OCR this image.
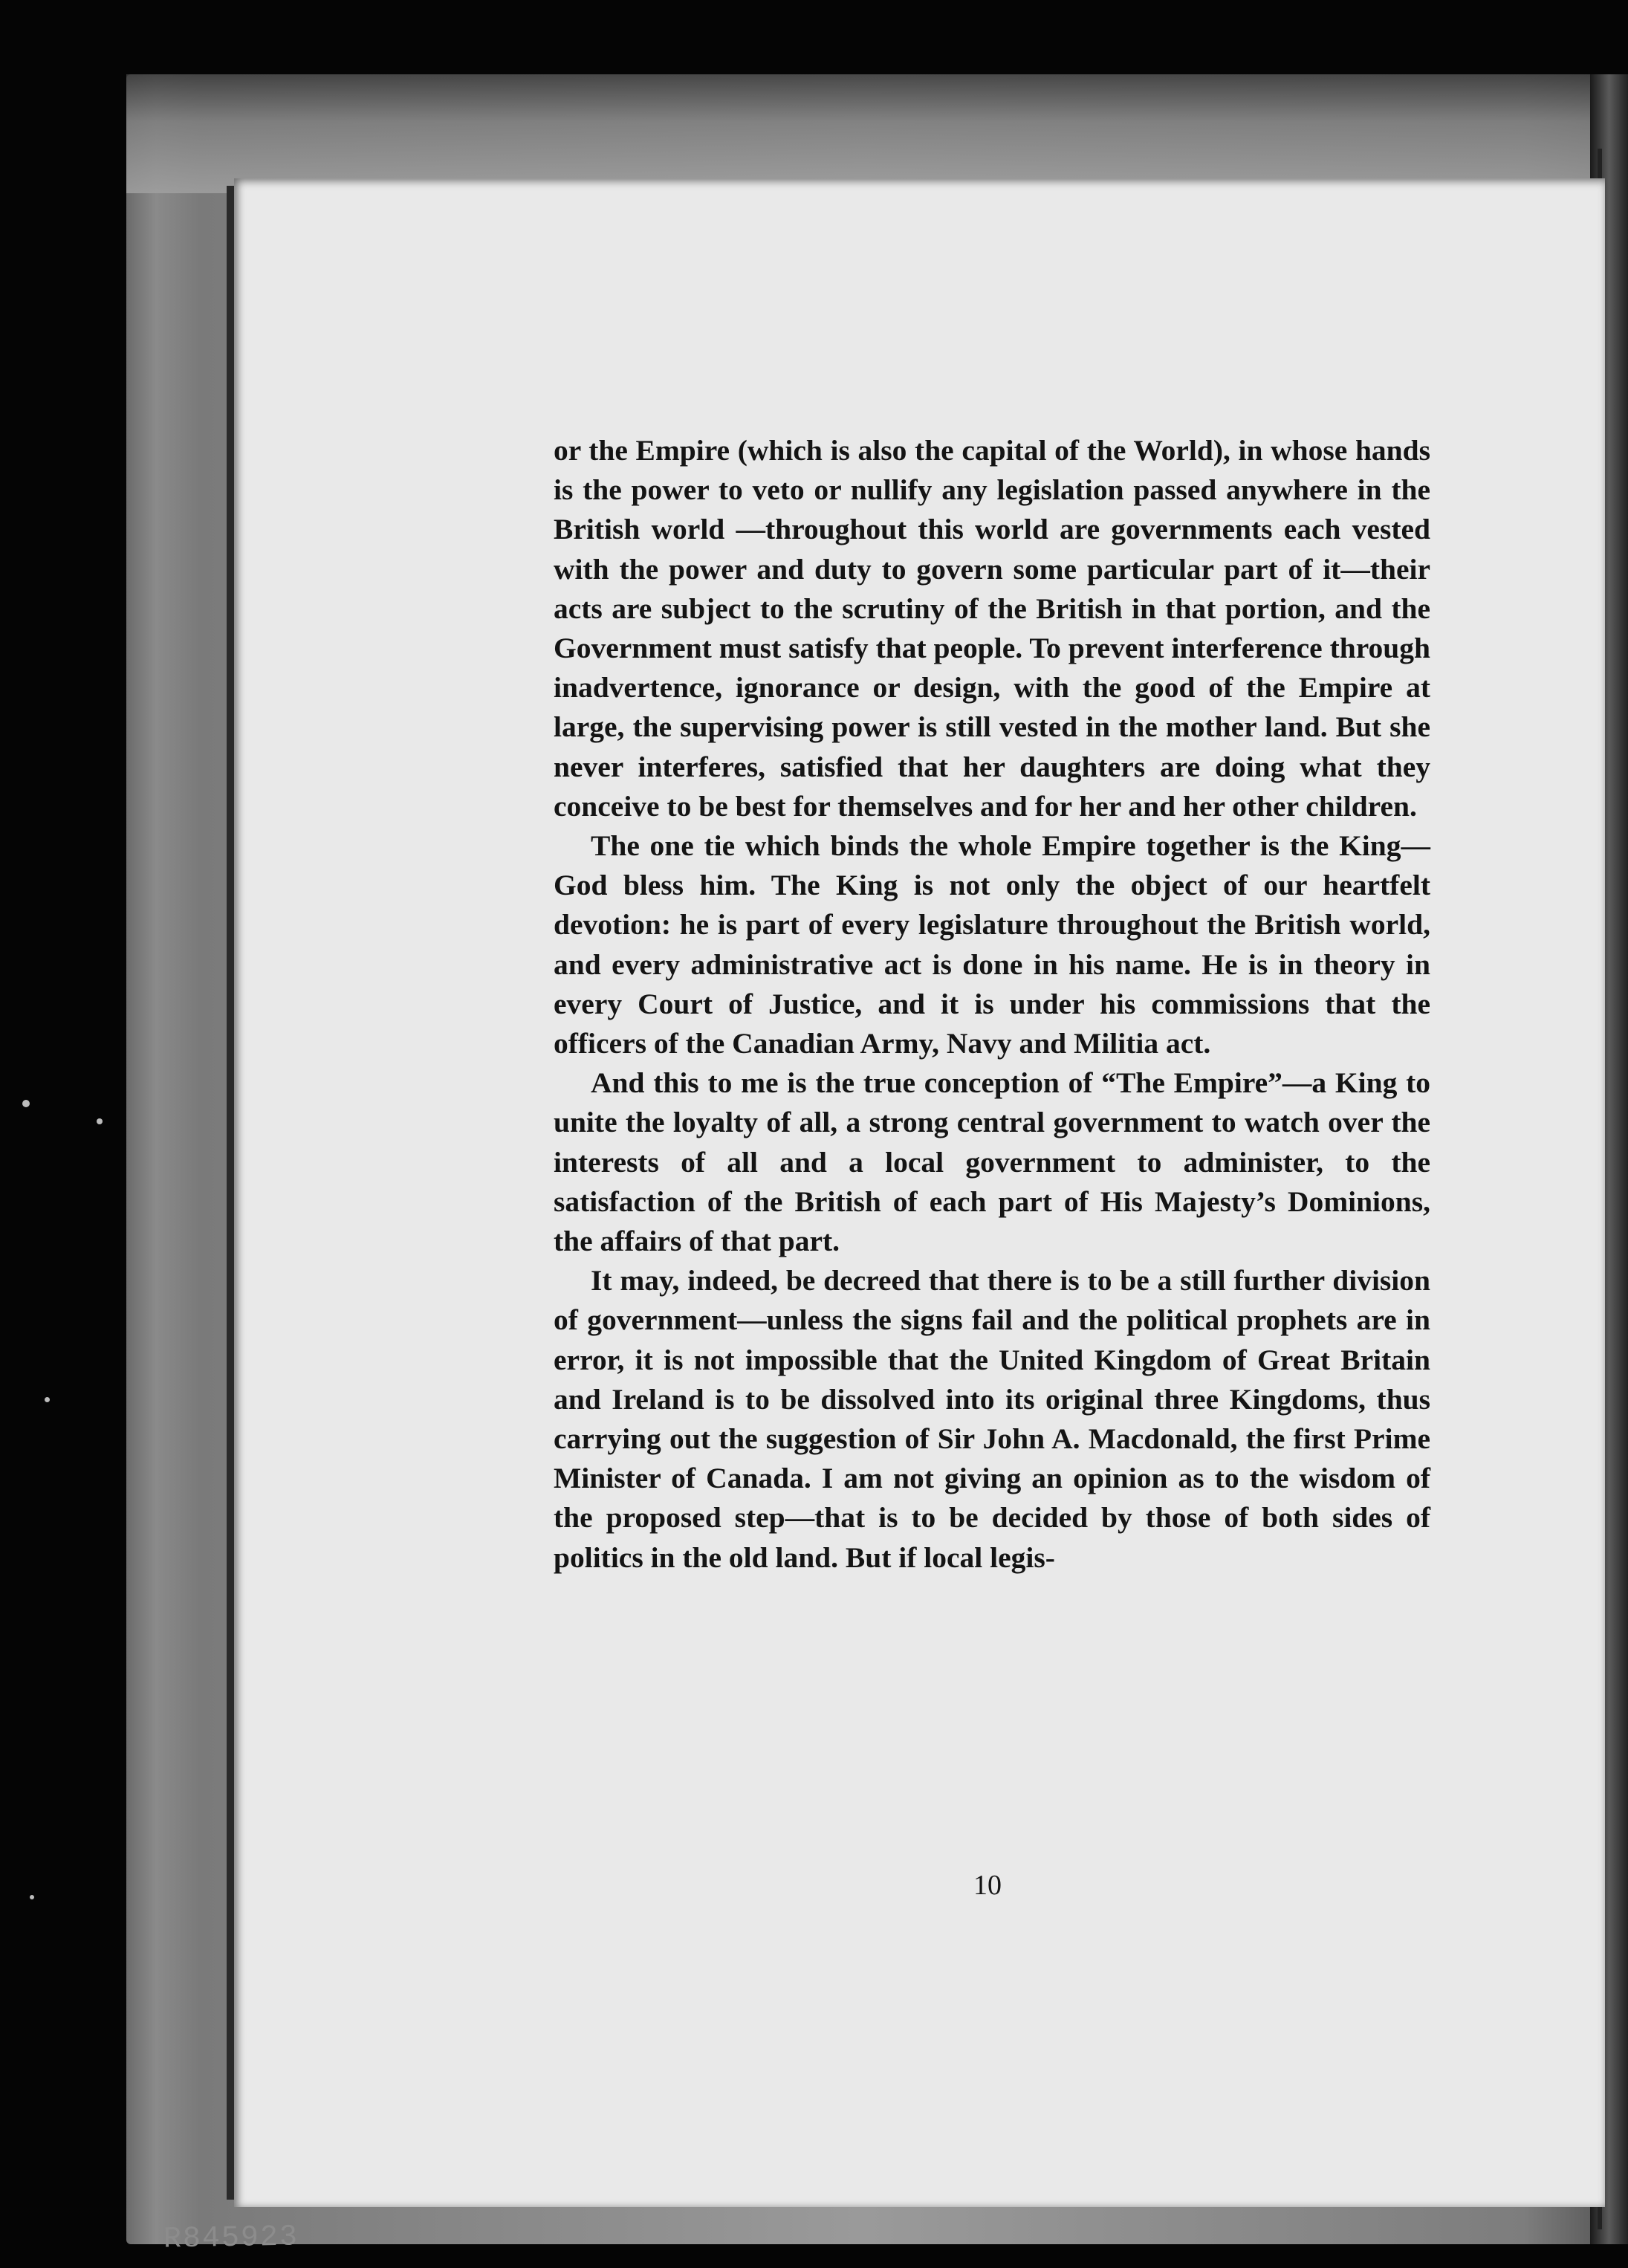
or the Empire (which is also the capital of the World), in whose hands is the power to veto or nullify any legislation passed anywhere in the British world —throughout this world are governments each vested with the power and duty to govern some particular part of it—their acts are subject to the scrutiny of the British in that portion, and the Government must satisfy that people. To prevent interference through inadvertence, ignorance or design, with the good of the Empire at large, the supervising power is still vested in the mother land. But she never interferes, satisfied that her daughters are doing what they conceive to be best for themselves and for her and her other children.

The one tie which binds the whole Empire together is the King—God bless him. The King is not only the object of our heartfelt devotion: he is part of every legislature throughout the British world, and every administrative act is done in his name. He is in theory in every Court of Justice, and it is under his commissions that the officers of the Canadian Army, Navy and Militia act.

And this to me is the true conception of “The Empire”—a King to unite the loyalty of all, a strong central government to watch over the interests of all and a local government to administer, to the satisfaction of the British of each part of His Majesty’s Dominions, the affairs of that part.

It may, indeed, be decreed that there is to be a still further division of government—unless the signs fail and the political prophets are in error, it is not impossible that the United Kingdom of Great Britain and Ireland is to be dissolved into its original three Kingdoms, thus carrying out the suggestion of Sir John A. Macdonald, the first Prime Minister of Canada. I am not giving an opinion as to the wisdom of the proposed step—that is to be decided by those of both sides of politics in the old land. But if local legis-

10
R845923
